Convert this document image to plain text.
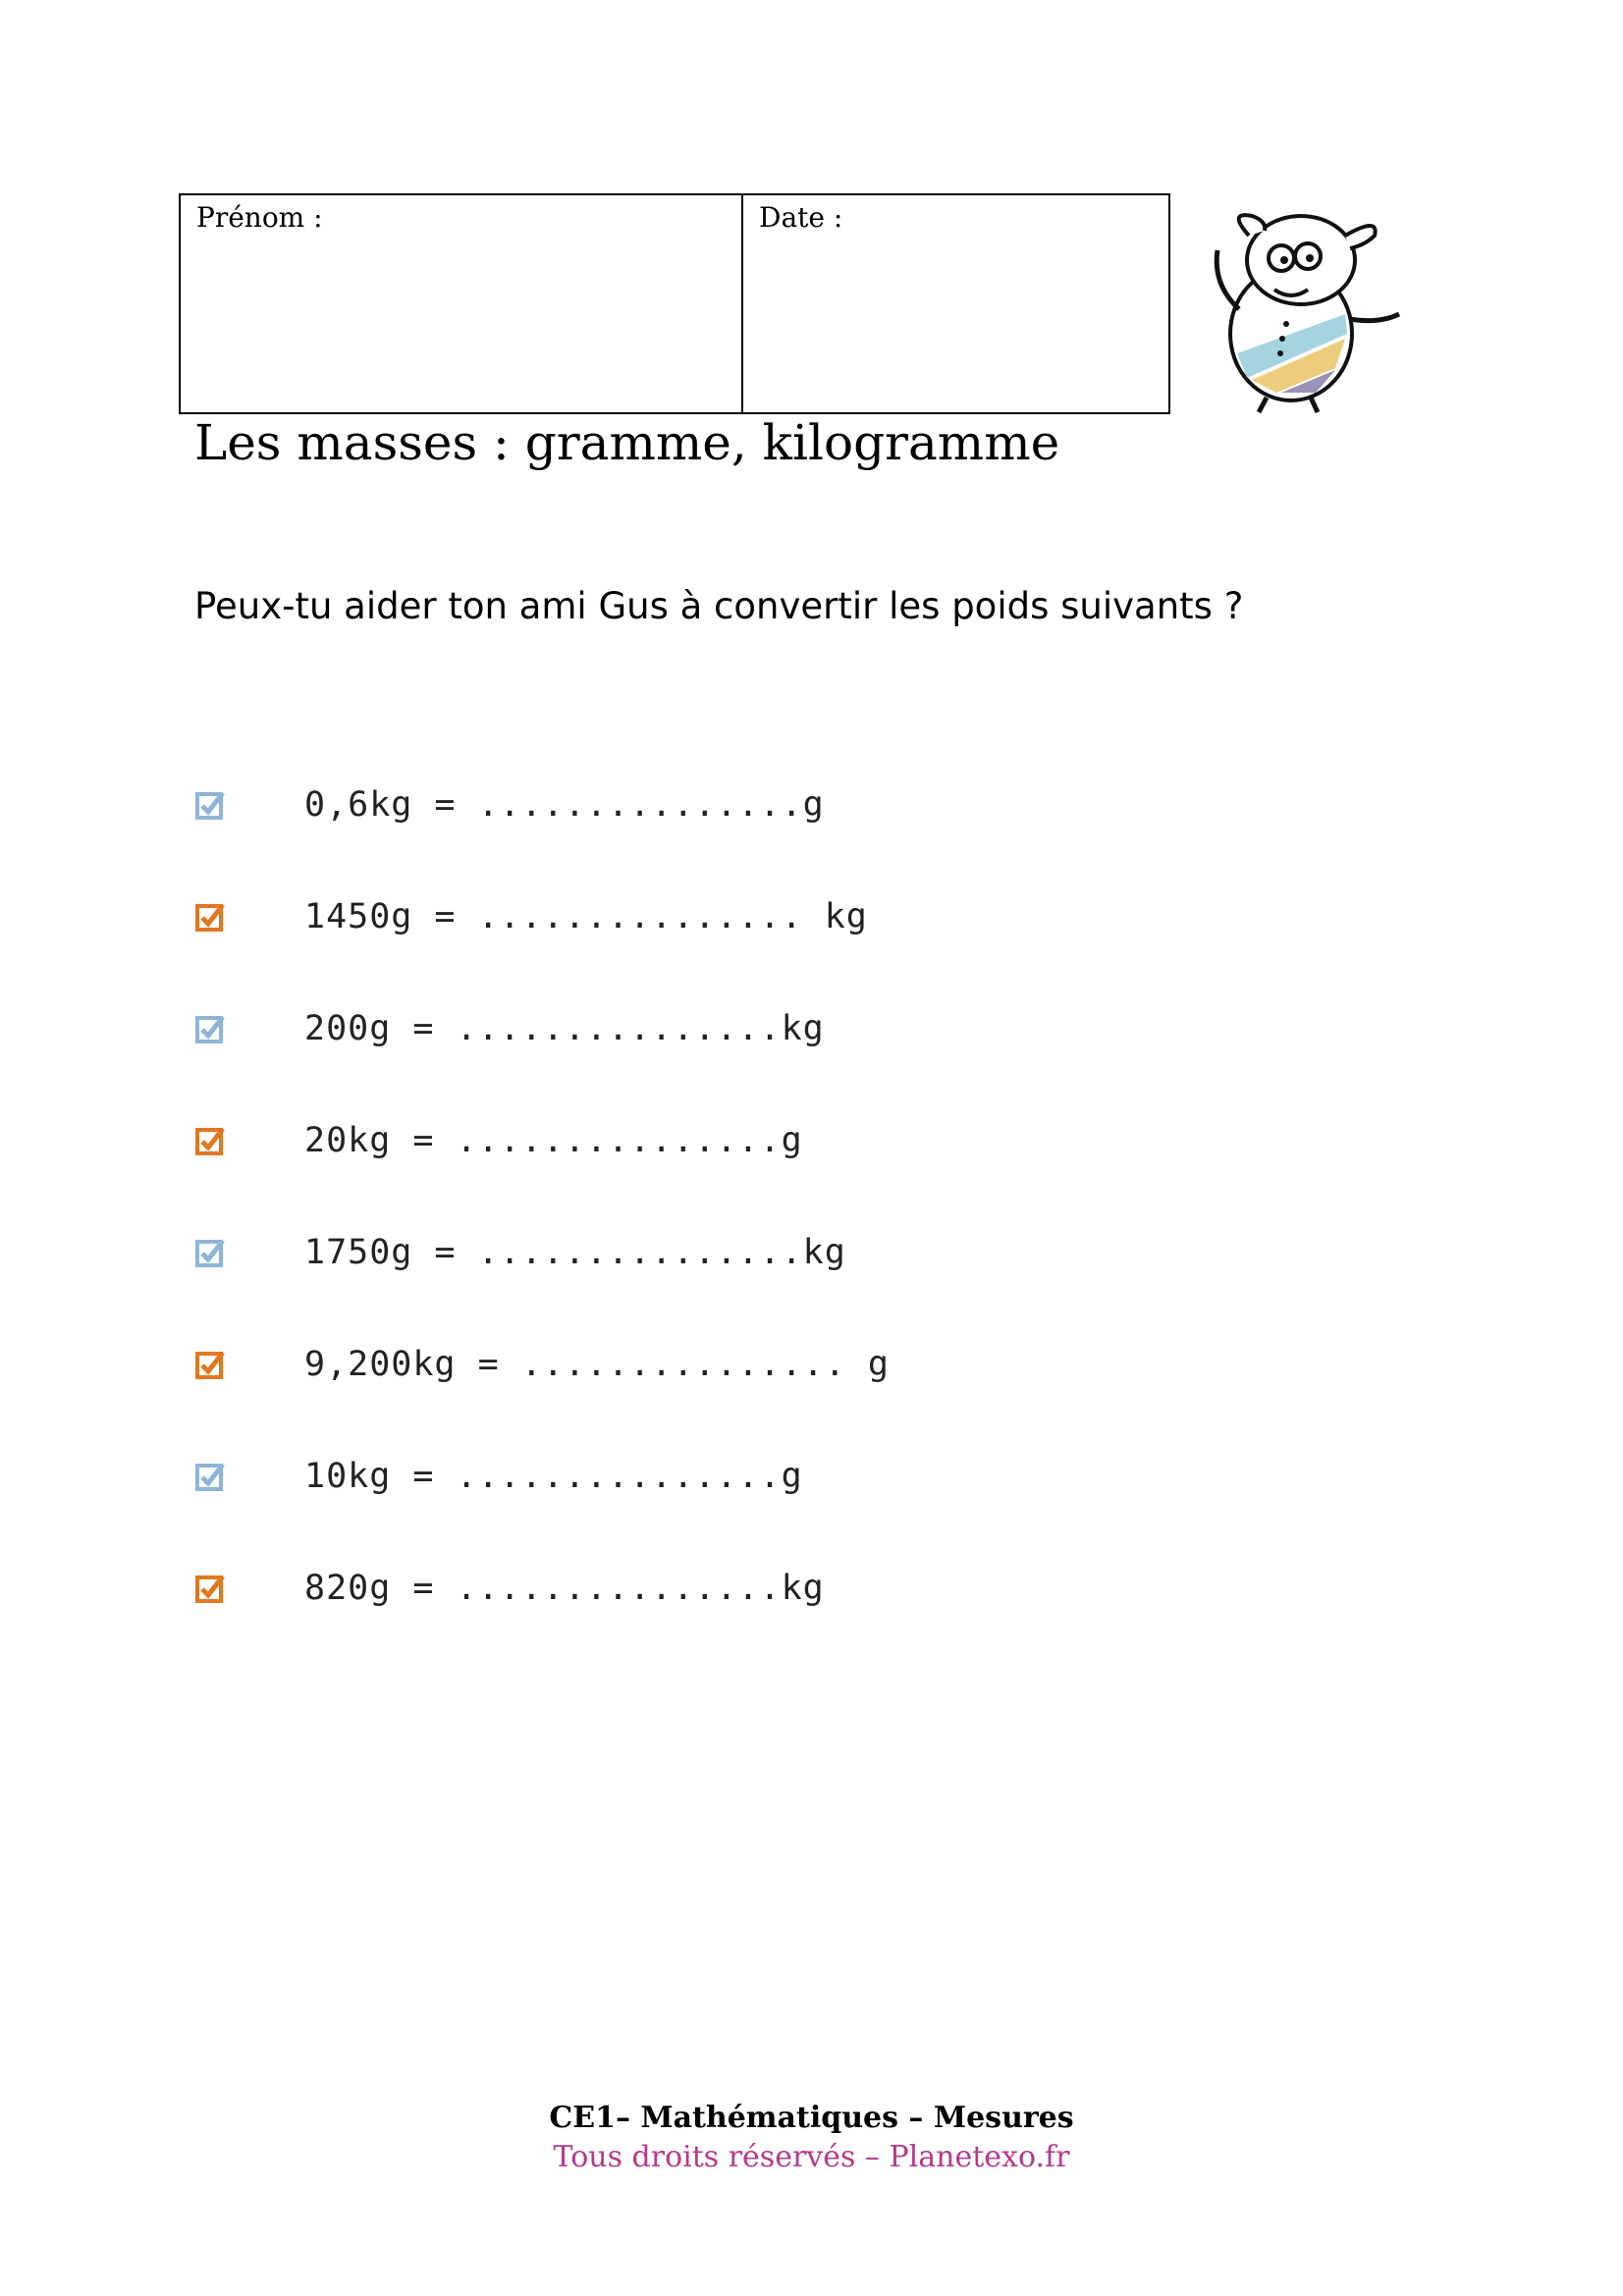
Prénom :	Date :
Les masses : gramme, kilogramme
Peux-tu aider ton ami Gus à convertir les poids suivants ?
0,6kg = ...............g
1450g = ............... kg
200g = ...............kg
20kg = ...............g
1750g = ...............kg
9,200kg = ............... g
10kg = ...............g
820g = ...............kg
CE1– Mathématiques – Mesures
Tous droits réservés – Planetexo.fr
